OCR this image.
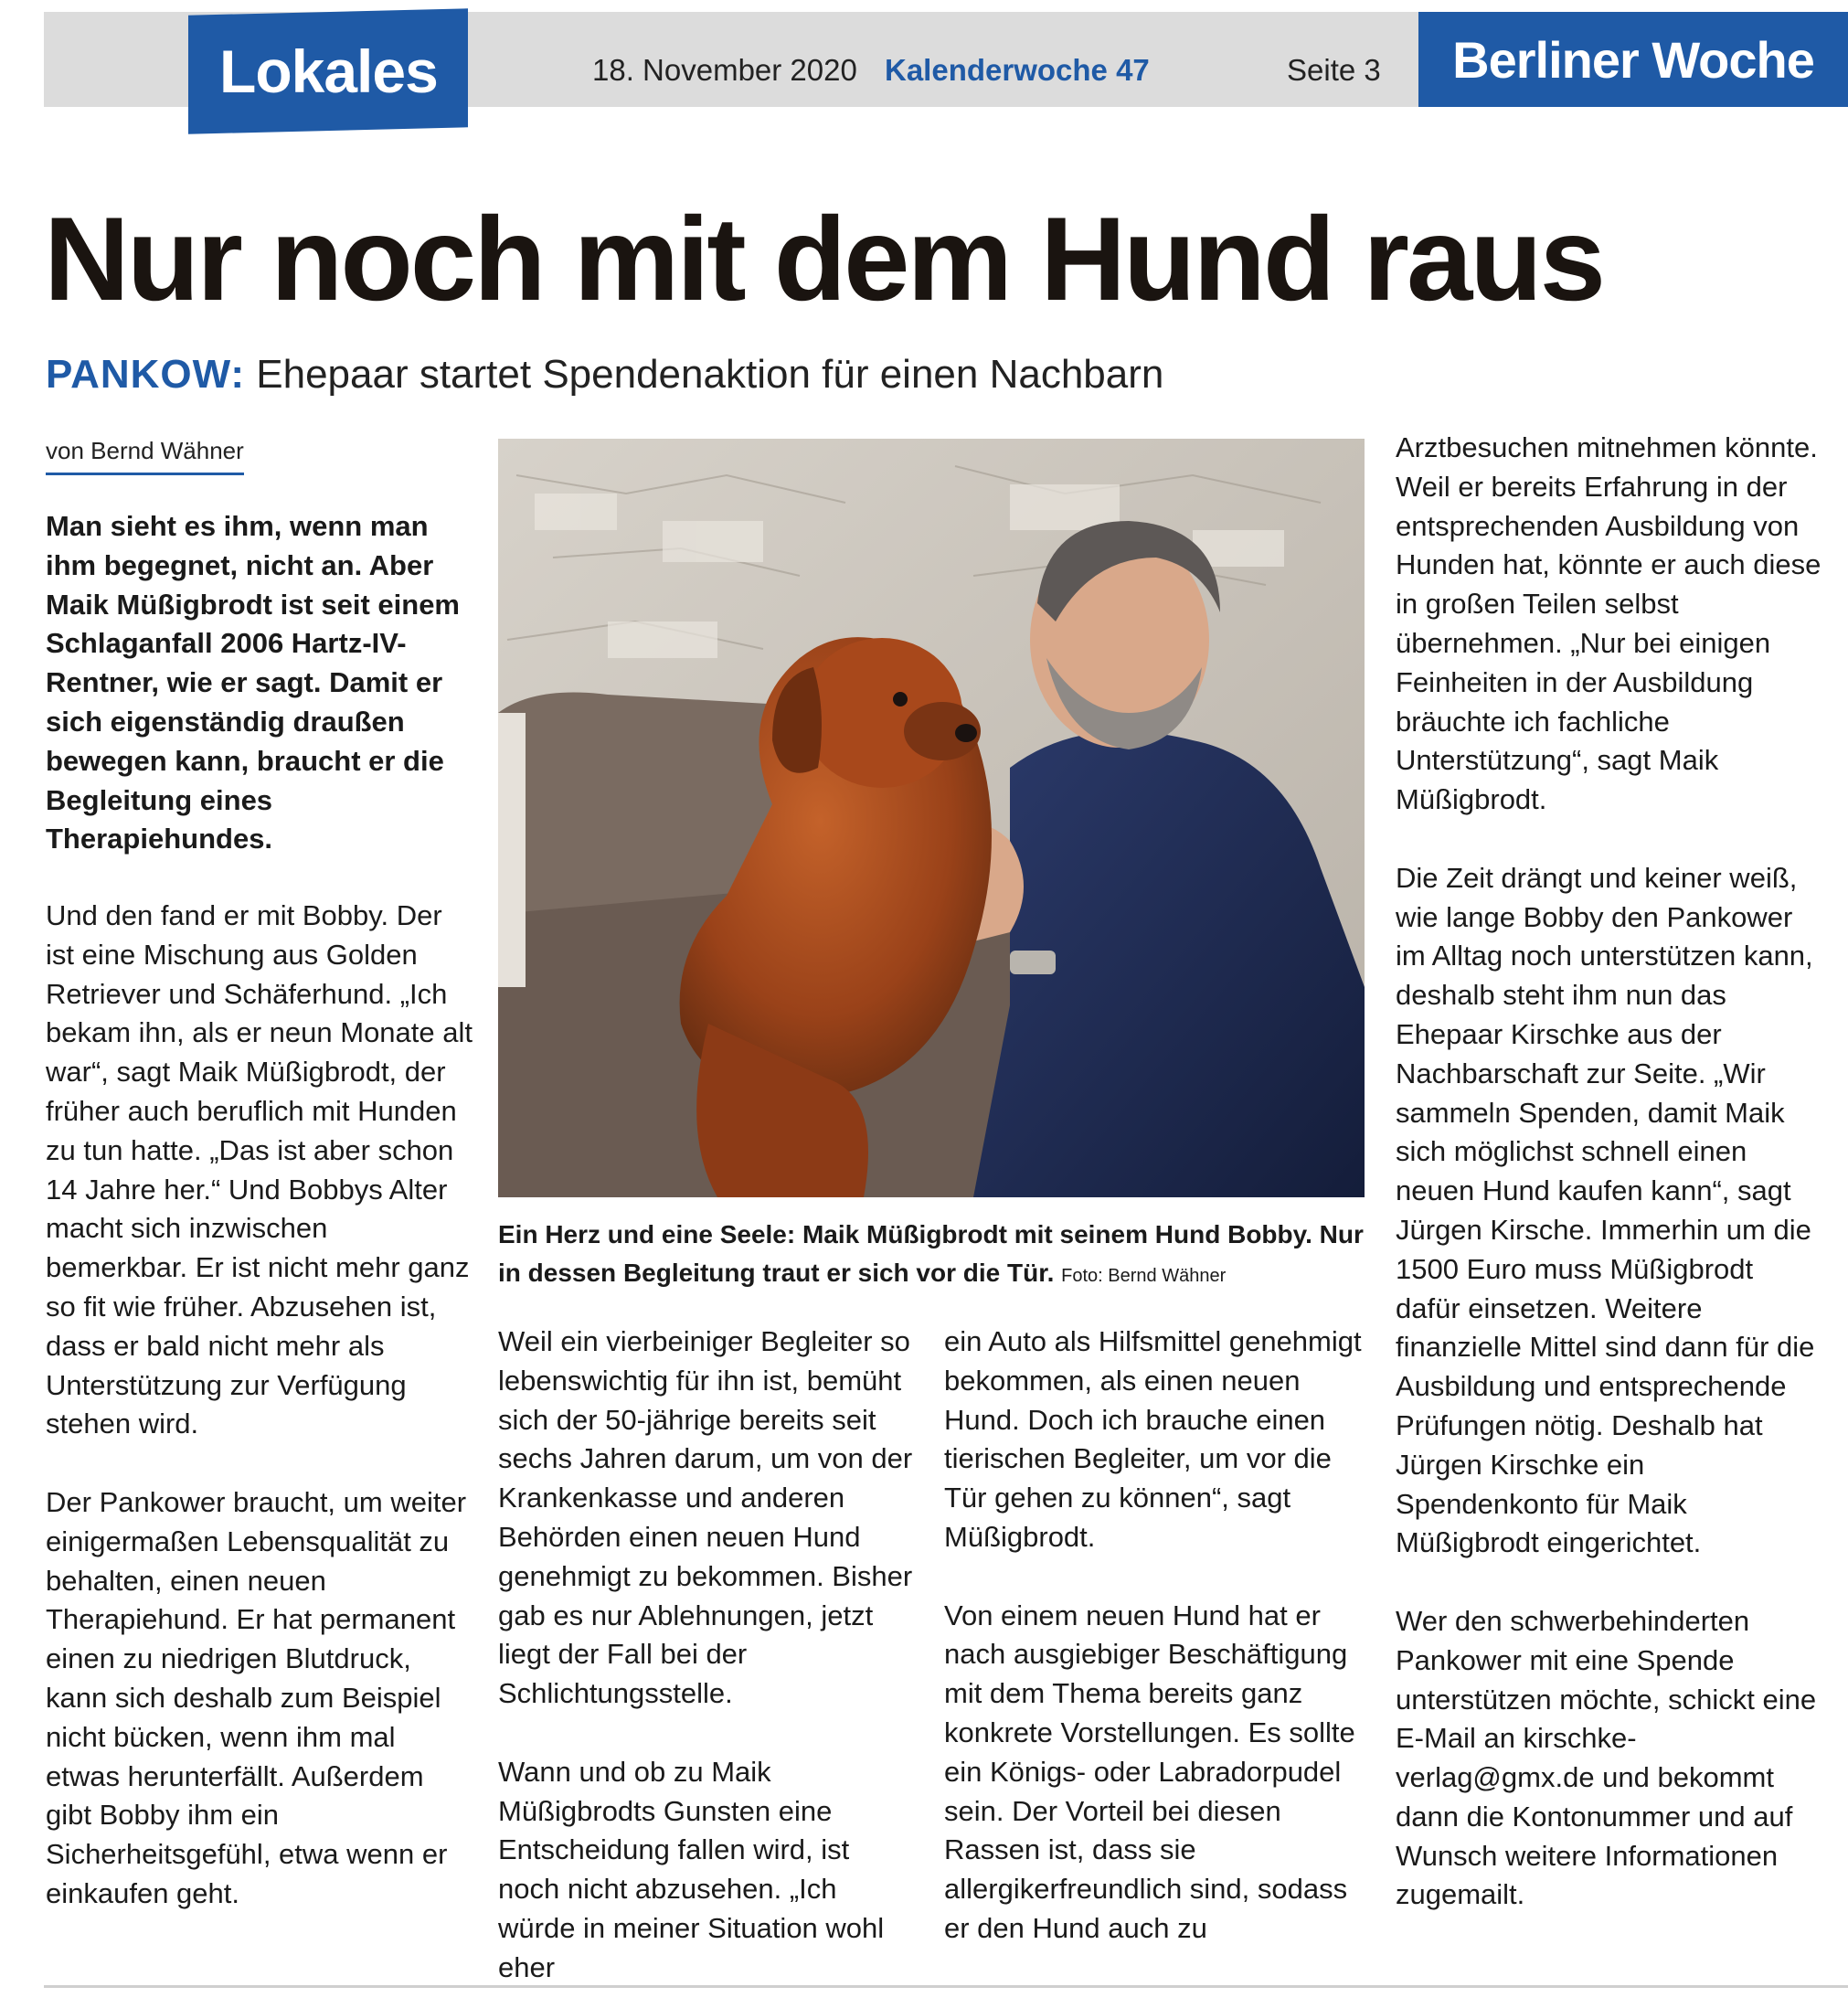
Lokales	18. November 2020 Kalenderwoche 47	Seite 3 Berliner Woche
Nur noch mit dem Hund raus
PANKOW: Ehepaar startet Spendenaktion für einen Nachbarn
von Bernd Wähner

Man sieht es ihm, wenn man ihm begegnet, nicht an. Aber Maik Müßigbrodt ist seit einem Schlaganfall 2006 Hartz-IV-Rentner, wie er sagt. Damit er sich eigenständig draußen bewegen kann, braucht er die Begleitung eines Therapiehundes.

Und den fand er mit Bobby. Der ist eine Mischung aus Golden Retriever und Schäferhund. „Ich bekam ihn, als er neun Monate alt war“, sagt Maik Müßigbrodt, der früher auch beruflich mit Hunden zu tun hatte. „Das ist aber schon 14 Jahre her.“ Und Bobbys Alter macht sich inzwischen bemerkbar. Er ist nicht mehr ganz so fit wie früher. Abzusehen ist, dass er bald nicht mehr als Unterstützung zur Verfügung stehen wird.

Der Pankower braucht, um weiter einigermaßen Lebensqualität zu behalten, einen neuen Therapiehund. Er hat permanent einen zu niedrigen Blutdruck, kann sich deshalb zum Beispiel nicht bücken, wenn ihm mal etwas herunterfällt. Außerdem gibt Bobby ihm ein Sicherheitsgefühl, etwa wenn er einkaufen geht.

Ein Herz und eine Seele: Maik Müßigbrodt mit seinem Hund Bobby. Nur in dessen Begleitung traut er sich vor die Tür. Foto: Bernd Wähner

Weil ein vierbeiniger Begleiter so lebenswichtig für ihn ist, bemüht sich der 50-jährige bereits seit sechs Jahren darum, um von der Krankenkasse und anderen Behörden einen neuen Hund genehmigt zu bekommen. Bisher gab es nur Ablehnungen, jetzt liegt der Fall bei der Schlichtungsstelle.

Wann und ob zu Maik Müßigbrodts Gunsten eine Entscheidung fallen wird, ist noch nicht abzusehen. „Ich würde in meiner Situation wohl eher

ein Auto als Hilfsmittel genehmigt bekommen, als einen neuen Hund. Doch ich brauche einen tierischen Begleiter, um vor die Tür gehen zu können“, sagt Müßigbrodt.

Von einem neuen Hund hat er nach ausgiebiger Beschäftigung mit dem Thema bereits ganz konkrete Vorstellungen. Es sollte ein Königs- oder Labradorpudel sein. Der Vorteil bei diesen Rassen ist, dass sie allergikerfreundlich sind, sodass er den Hund auch zu

Arztbesuchen mitnehmen könnte. Weil er bereits Erfahrung in der entsprechenden Ausbildung von Hunden hat, könnte er auch diese in großen Teilen selbst übernehmen. „Nur bei einigen Feinheiten in der Ausbildung bräuchte ich fachliche Unterstützung“, sagt Maik Müßigbrodt.

Die Zeit drängt und keiner weiß, wie lange Bobby den Pankower im Alltag noch unterstützen kann, deshalb steht ihm nun das Ehepaar Kirschke aus der Nachbarschaft zur Seite. „Wir sammeln Spenden, damit Maik sich möglichst schnell einen neuen Hund kaufen kann“, sagt Jürgen Kirsche. Immerhin um die 1500 Euro muss Müßigbrodt dafür einsetzen. Weitere finanzielle Mittel sind dann für die Ausbildung und entsprechende Prüfungen nötig. Deshalb hat Jürgen Kirschke ein Spendenkonto für Maik Müßigbrodt eingerichtet.

Wer den schwerbehinderten Pankower mit eine Spende unterstützen möchte, schickt eine E-Mail an kirschke-verlag@gmx.de und bekommt dann die Kontonummer und auf Wunsch weitere Informationen zugemailt.
